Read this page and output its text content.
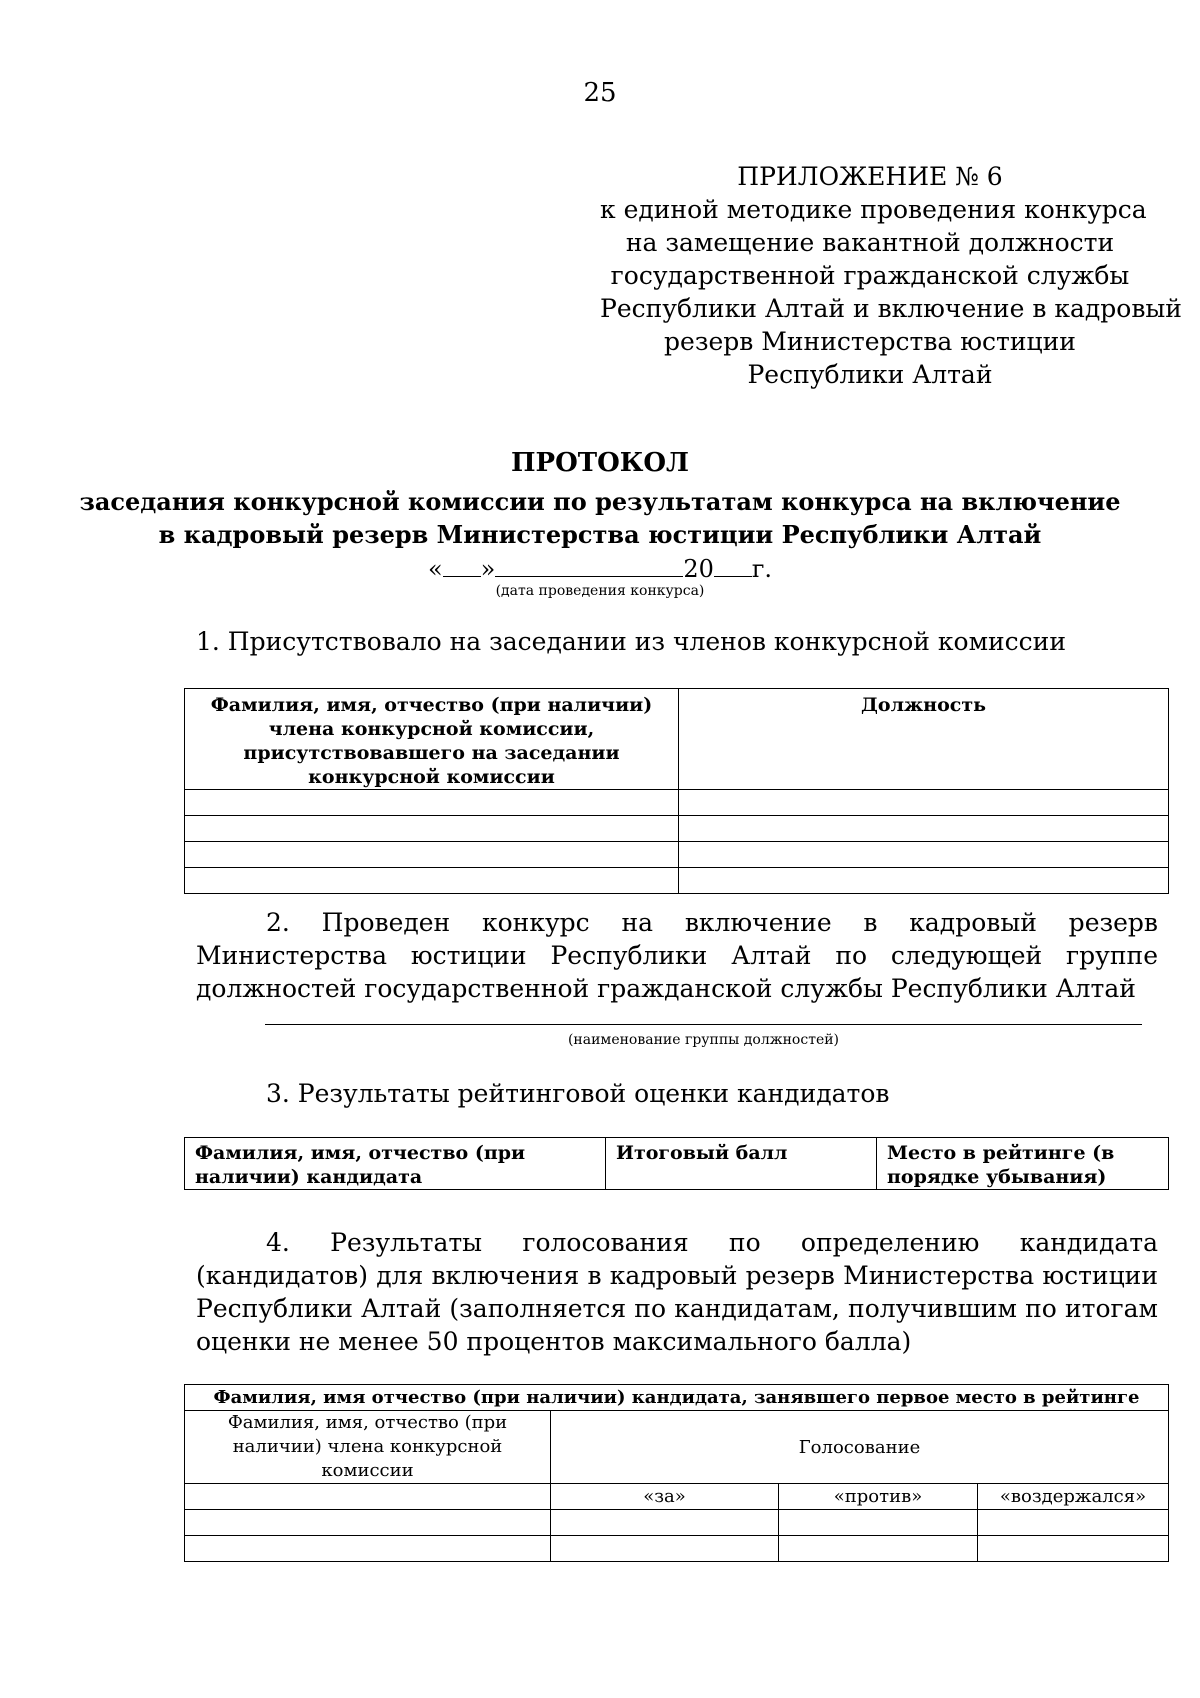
25
ПРИЛОЖЕНИЕ № 6
к единой методике проведения конкурса
на замещение вакантной должности
государственной гражданской службы
Республики Алтай и включение в кадровый
резерв Министерства юстиции
Республики Алтай
ПРОТОКОЛ
заседания конкурсной комиссии по результатам конкурса на включение
в кадровый резерв Министерства юстиции Республики Алтай
« »	20 г.
(дата проведения конкурса)
1. Присутствовало на заседании из членов конкурсной комиссии
Фамилия, имя, отчество (при наличии) члена конкурсной комиссии, присутствовавшего на заседании конкурсной комиссии	Должность

2. Проведен конкурс на включение в кадровый резерв Министерства юстиции Республики Алтай по следующей группе должностей государственной гражданской службы Республики Алтай
(наименование группы должностей)
3. Результаты рейтинговой оценки кандидатов
Фамилия, имя, отчество (при наличии) кандидата	Итоговый балл	Место в рейтинге (в порядке убывания)
4. Результаты голосования по определению кандидата (кандидатов) для включения в кадровый резерв Министерства юстиции Республики Алтай (заполняется по кандидатам, получившим по итогам оценки не менее 50 процентов максимального балла)
Фамилия, имя отчество (при наличии) кандидата, занявшего первое место в рейтинге			
Фамилия, имя, отчество (при наличии) члена конкурсной комиссии	Голосование		
	«за»	«против»	«воздержался»
